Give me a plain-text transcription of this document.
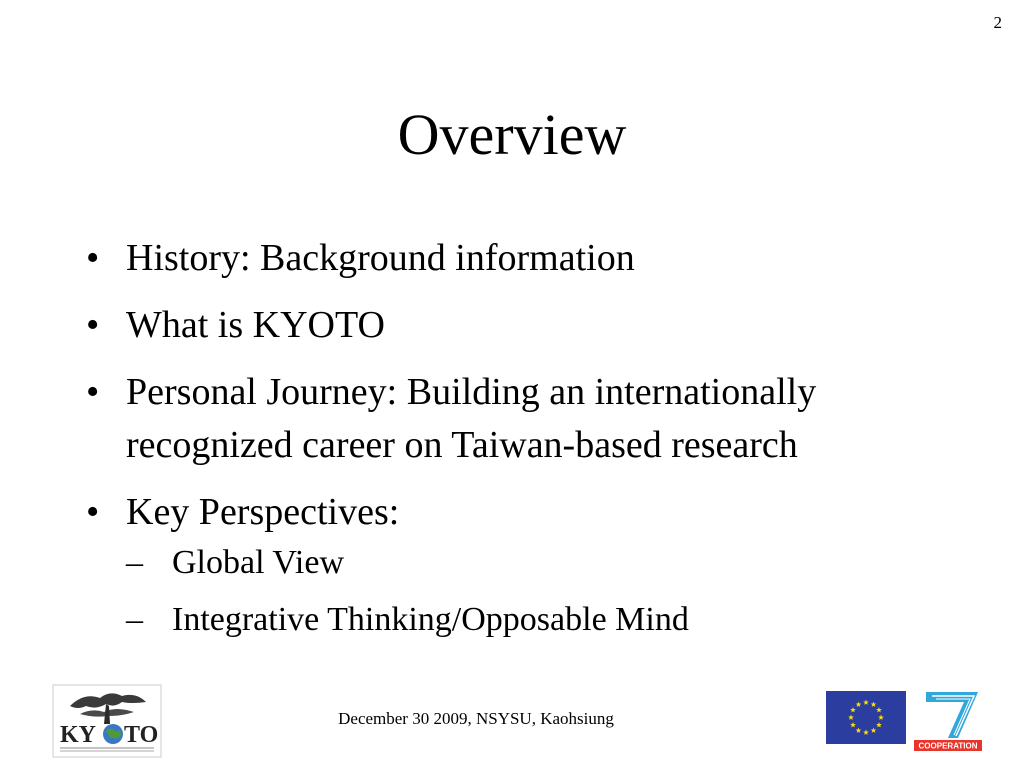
2
Overview
• History: Background information
• What is KYOTO
• Personal Journey: Building an internationally recognized career on Taiwan-based research
• Key Perspectives:
– Global View
– Integrative Thinking/Opposable Mind
December 30 2009, NSYSU, Kaohsiung
KY TO	COOPERATION
